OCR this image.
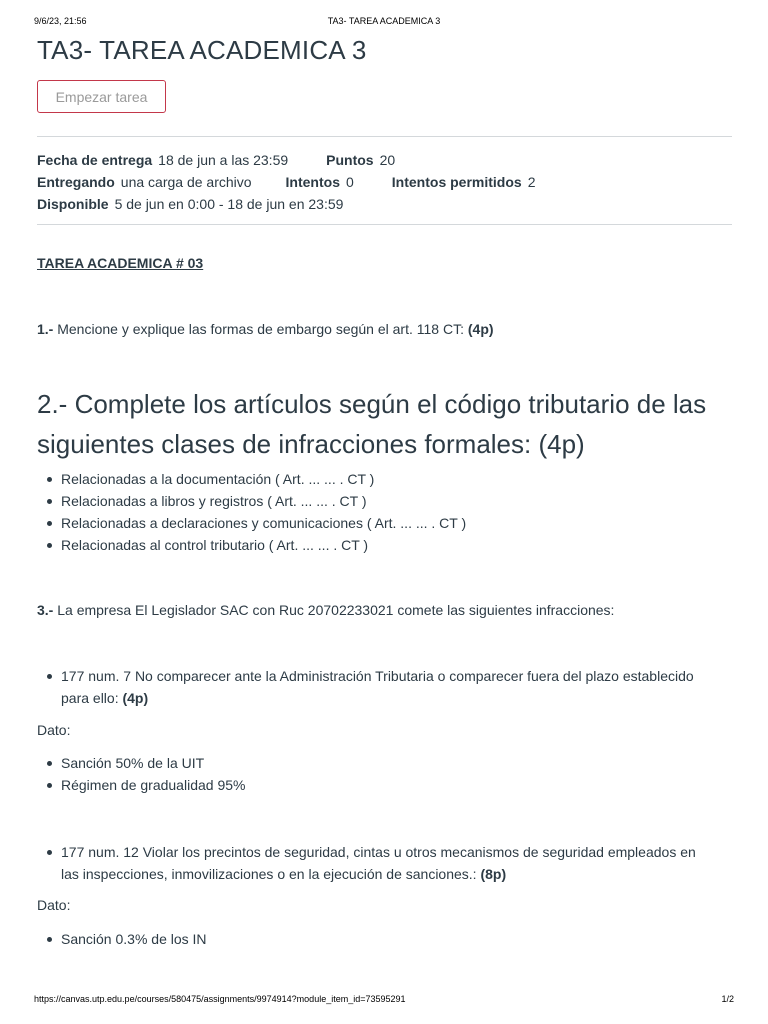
9/6/23, 21:56	TA3- TAREA ACADEMICA 3
TA3- TAREA ACADEMICA 3
Empezar tarea
Fecha de entrega 18 de jun a las 23:59	Puntos 20
Entregando una carga de archivo Intentos 0	Intentos permitidos 2
Disponible 5 de jun en 0:00 - 18 de jun en 23:59
TAREA ACADEMICA # 03
1.- Mencione y explique las formas de embargo según el art. 118 CT: (4p)
2.- Complete los artículos según el código tributario de las siguientes clases de infracciones formales: (4p)
Relacionadas a la documentación ( Art. ... ... . CT )
Relacionadas a libros y registros ( Art. ... ... . CT )
Relacionadas a declaraciones y comunicaciones ( Art. ... ... . CT )
Relacionadas al control tributario ( Art. ... ... . CT )
3.- La empresa El Legislador SAC con Ruc 20702233021 comete las siguientes infracciones:
177 num. 7 No comparecer ante la Administración Tributaria o comparecer fuera del plazo establecido para ello: (4p)
Dato:
Sanción 50% de la UIT
Régimen de gradualidad 95%
177 num. 12 Violar los precintos de seguridad, cintas u otros mecanismos de seguridad empleados en las inspecciones, inmovilizaciones o en la ejecución de sanciones.: (8p)
Dato:
Sanción 0.3% de los IN
https://canvas.utp.edu.pe/courses/580475/assignments/9974914?module_item_id=73595291	1/2
